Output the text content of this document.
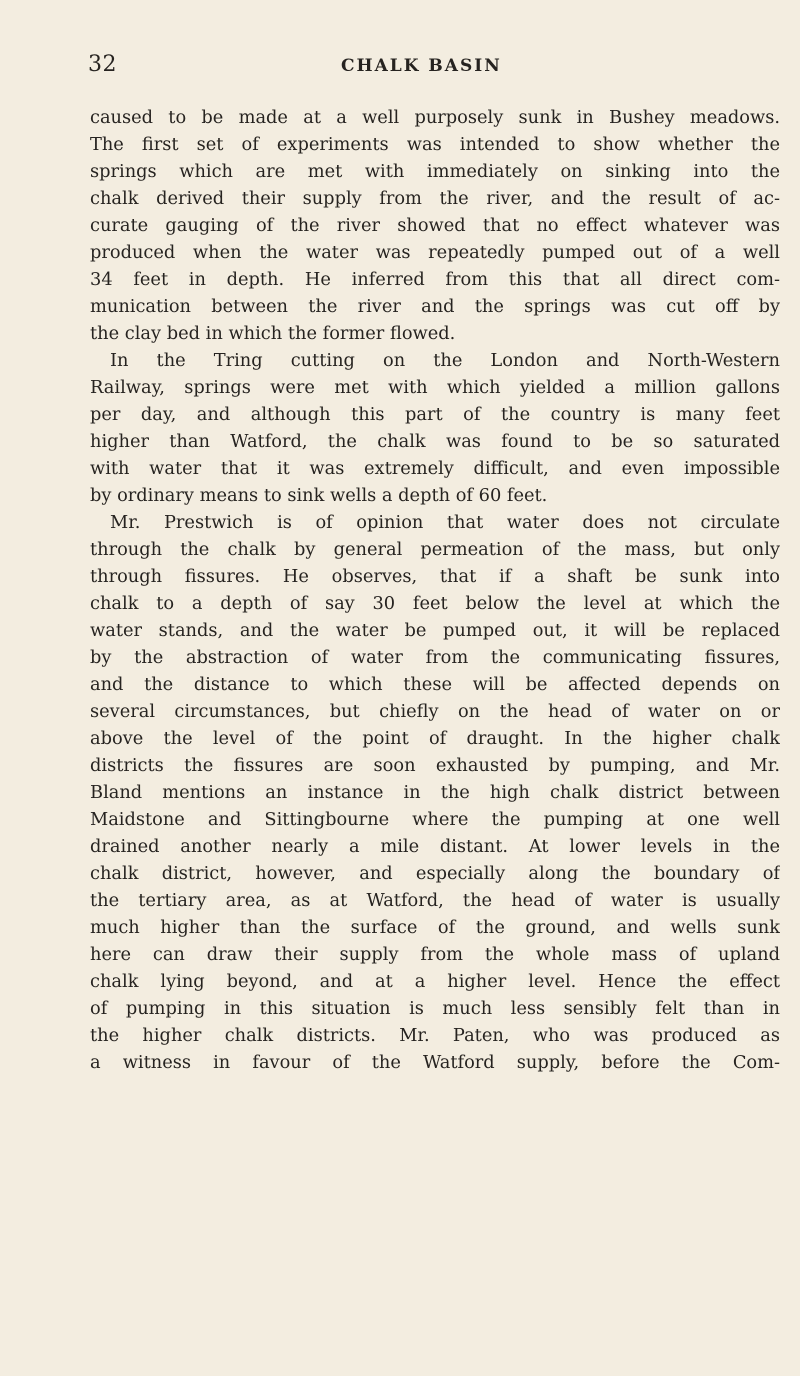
32	CHALK BASIN
caused to be made at a well purposely sunk in Bushey meadows.
The first set of experiments was intended to show whether the
springs which are met with immediately on sinking into the
chalk derived their supply from the river, and the result of ac-
curate gauging of the river showed that no effect whatever was
produced when the water was repeatedly pumped out of a well
34 feet in depth. He inferred from this that all direct com-
munication between the river and the springs was cut off by
the clay bed in which the former flowed.
In the Tring cutting on the London and North-Western
Railway, springs were met with which yielded a million gallons
per day, and although this part of the country is many feet
higher than Watford, the chalk was found to be so saturated
with water that it was extremely difficult, and even impossible
by ordinary means to sink wells a depth of 60 feet.
Mr. Prestwich is of opinion that water does not circulate
through the chalk by general permeation of the mass, but only
through fissures. He observes, that if a shaft be sunk into
chalk to a depth of say 30 feet below the level at which the
water stands, and the water be pumped out, it will be replaced
by the abstraction of water from the communicating fissures,
and the distance to which these will be affected depends on
several circumstances, but chiefly on the head of water on or
above the level of the point of draught. In the higher chalk
districts the fissures are soon exhausted by pumping, and Mr.
Bland mentions an instance in the high chalk district between
Maidstone and Sittingbourne where the pumping at one well
drained another nearly a mile distant. At lower levels in the
chalk district, however, and especially along the boundary of
the tertiary area, as at Watford, the head of water is usually
much higher than the surface of the ground, and wells sunk
here can draw their supply from the whole mass of upland
chalk lying beyond, and at a higher level. Hence the effect
of pumping in this situation is much less sensibly felt than in
the higher chalk districts. Mr. Paten, who was produced as
a witness in favour of the Watford supply, before the Com-
